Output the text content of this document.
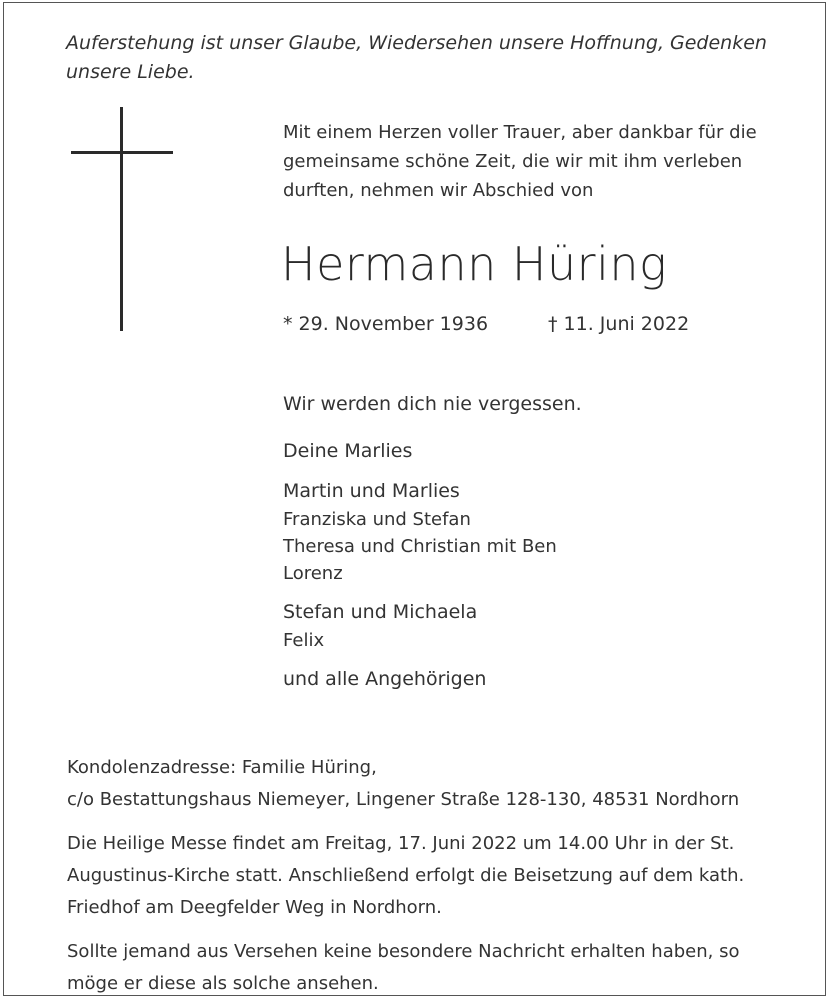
Auferstehung ist unser Glaube, Wiedersehen unsere Hoffnung, Gedenken unsere Liebe.
Mit einem Herzen voller Trauer, aber dankbar für die gemeinsame schöne Zeit, die wir mit ihm verleben durften, nehmen wir Abschied von
Hermann Hüring
* 29. November 1936	† 11. Juni 2022
Wir werden dich nie vergessen.
Deine Marlies
Martin und Marlies
Franziska und Stefan
Theresa und Christian mit Ben
Lorenz
Stefan und Michaela
Felix
und alle Angehörigen

Kondolenzadresse: Familie Hüring,

c/o Bestattungshaus Niemeyer, Lingener Straße 128-130, 48531 Nordhorn

Die Heilige Messe findet am Freitag, 17. Juni 2022 um 14.00 Uhr in der St. Augustinus-Kirche statt. Anschließend erfolgt die Beisetzung auf dem kath. Friedhof am Deegfelder Weg in Nordhorn.

Sollte jemand aus Versehen keine besondere Nachricht erhalten haben, so möge er diese als solche ansehen.
